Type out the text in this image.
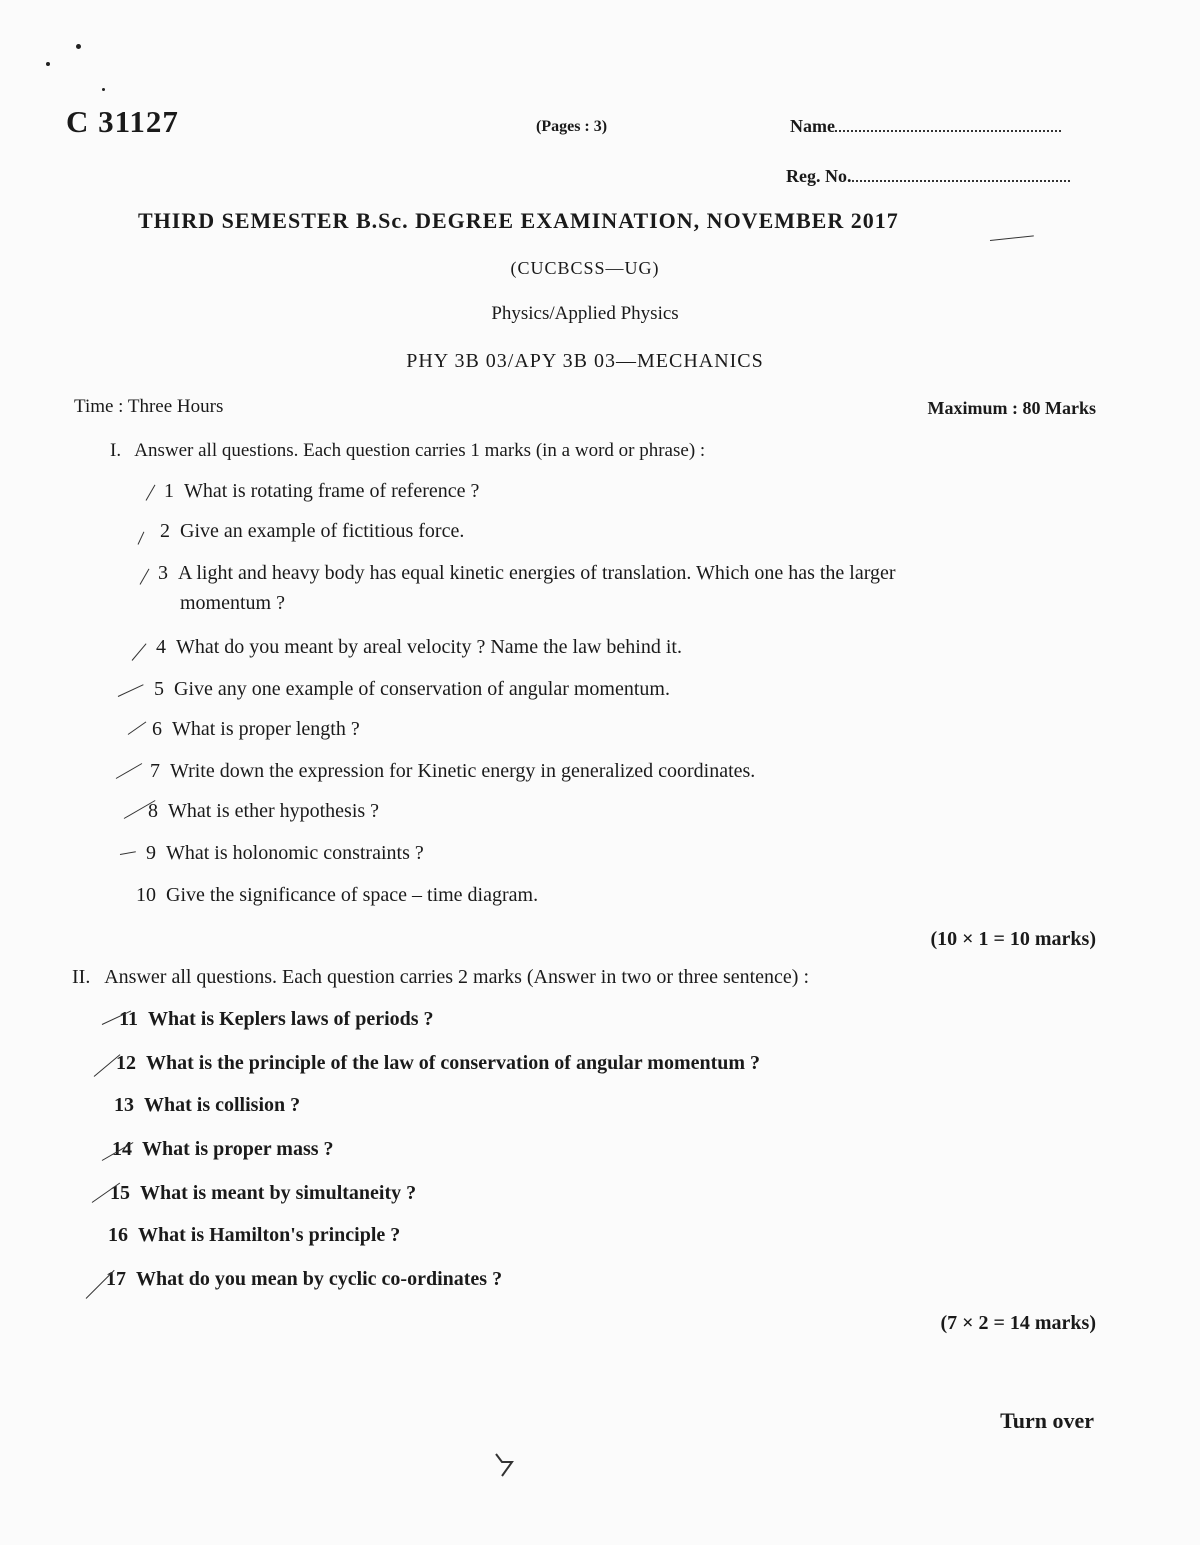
C 31127	(Pages : 3)	Name
Reg. No.
THIRD SEMESTER B.Sc. DEGREE EXAMINATION, NOVEMBER 2017
(CUCBCSS—UG)
Physics/Applied Physics
PHY 3B 03/APY 3B 03—MECHANICS
Time : Three Hours	Maximum : 80 Marks
I. Answer all questions. Each question carries 1 marks (in a word or phrase) :
1 What is rotating frame of reference ?
2 Give an example of fictitious force.
3 A light and heavy body has equal kinetic energies of translation. Which one has the larger
momentum ?
4 What do you meant by areal velocity ? Name the law behind it.
5 Give any one example of conservation of angular momentum.
6 What is proper length ?
7 Write down the expression for Kinetic energy in generalized coordinates.
8 What is ether hypothesis ?
9 What is holonomic constraints ?
10 Give the significance of space – time diagram.
(10 × 1 = 10 marks)
II. Answer all questions. Each question carries 2 marks (Answer in two or three sentence) :
11 What is Keplers laws of periods ?
12 What is the principle of the law of conservation of angular momentum ?
13 What is collision ?
14 What is proper mass ?
15 What is meant by simultaneity ?
16 What is Hamilton's principle ?
17 What do you mean by cyclic co-ordinates ?
(7 × 2 = 14 marks)
Turn over
